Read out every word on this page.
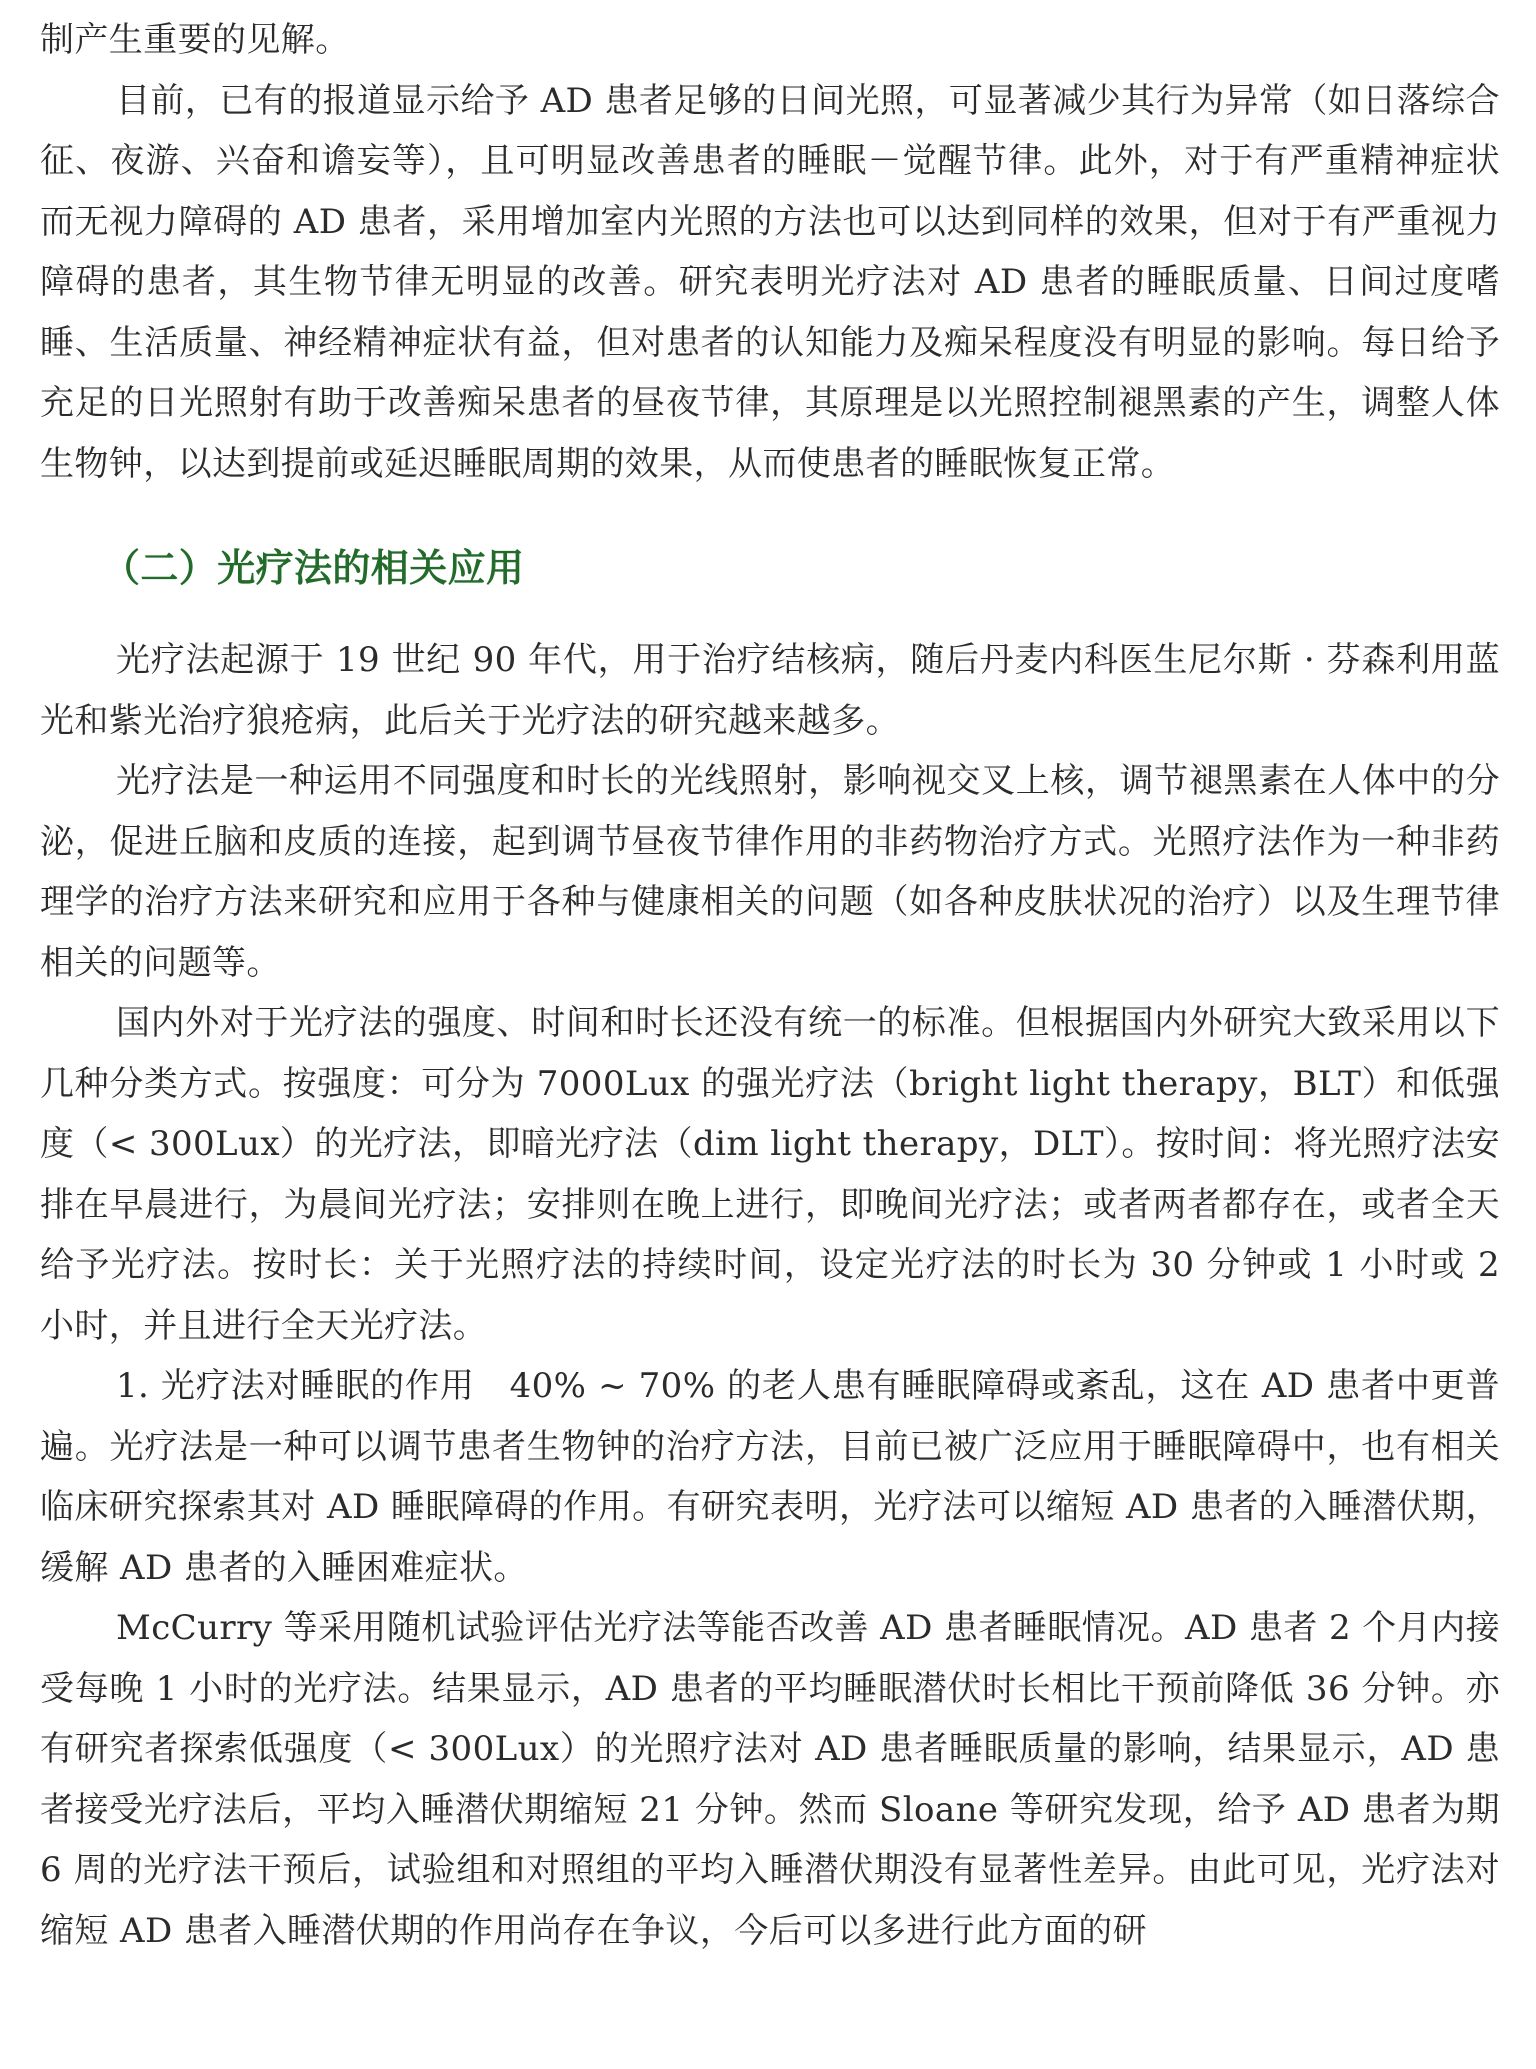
制产生重要的见解。

目前，已有的报道显示给予 AD 患者足够的日间光照，可显著减少其行为异常（如日落综合征、夜游、兴奋和谵妄等），且可明显改善患者的睡眠－觉醒节律。此外，对于有严重精神症状而无视力障碍的 AD 患者，采用增加室内光照的方法也可以达到同样的效果，但对于有严重视力障碍的患者，其生物节律无明显的改善。研究表明光疗法对 AD 患者的睡眠质量、日间过度嗜睡、生活质量、神经精神症状有益，但对患者的认知能力及痴呆程度没有明显的影响。每日给予充足的日光照射有助于改善痴呆患者的昼夜节律，其原理是以光照控制褪黑素的产生，调整人体生物钟，以达到提前或延迟睡眠周期的效果，从而使患者的睡眠恢复正常。

（二）光疗法的相关应用

光疗法起源于 19 世纪 90 年代，用于治疗结核病，随后丹麦内科医生尼尔斯 · 芬森利用蓝光和紫光治疗狼疮病，此后关于光疗法的研究越来越多。

光疗法是一种运用不同强度和时长的光线照射，影响视交叉上核，调节褪黑素在人体中的分泌，促进丘脑和皮质的连接，起到调节昼夜节律作用的非药物治疗方式。光照疗法作为一种非药理学的治疗方法来研究和应用于各种与健康相关的问题（如各种皮肤状况的治疗）以及生理节律相关的问题等。

国内外对于光疗法的强度、时间和时长还没有统一的标准。但根据国内外研究大致采用以下几种分类方式。按强度：可分为 7000Lux 的强光疗法（bright light therapy，BLT）和低强度（< 300Lux）的光疗法，即暗光疗法（dim light therapy，DLT）。按时间：将光照疗法安排在早晨进行，为晨间光疗法；安排则在晚上进行，即晚间光疗法；或者两者都存在，或者全天给予光疗法。按时长：关于光照疗法的持续时间，设定光疗法的时长为 30 分钟或 1 小时或 2 小时，并且进行全天光疗法。

1. 光疗法对睡眠的作用　40% ~ 70% 的老人患有睡眠障碍或紊乱，这在 AD 患者中更普遍。光疗法是一种可以调节患者生物钟的治疗方法，目前已被广泛应用于睡眠障碍中，也有相关临床研究探索其对 AD 睡眠障碍的作用。有研究表明，光疗法可以缩短 AD 患者的入睡潜伏期，缓解 AD 患者的入睡困难症状。

McCurry 等采用随机试验评估光疗法等能否改善 AD 患者睡眠情况。AD 患者 2 个月内接受每晚 1 小时的光疗法。结果显示，AD 患者的平均睡眠潜伏时长相比干预前降低 36 分钟。亦有研究者探索低强度（< 300Lux）的光照疗法对 AD 患者睡眠质量的影响，结果显示，AD 患者接受光疗法后，平均入睡潜伏期缩短 21 分钟。然而 Sloane 等研究发现，给予 AD 患者为期 6 周的光疗法干预后，试验组和对照组的平均入睡潜伏期没有显著性差异。由此可见，光疗法对缩短 AD 患者入睡潜伏期的作用尚存在争议，今后可以多进行此方面的研
